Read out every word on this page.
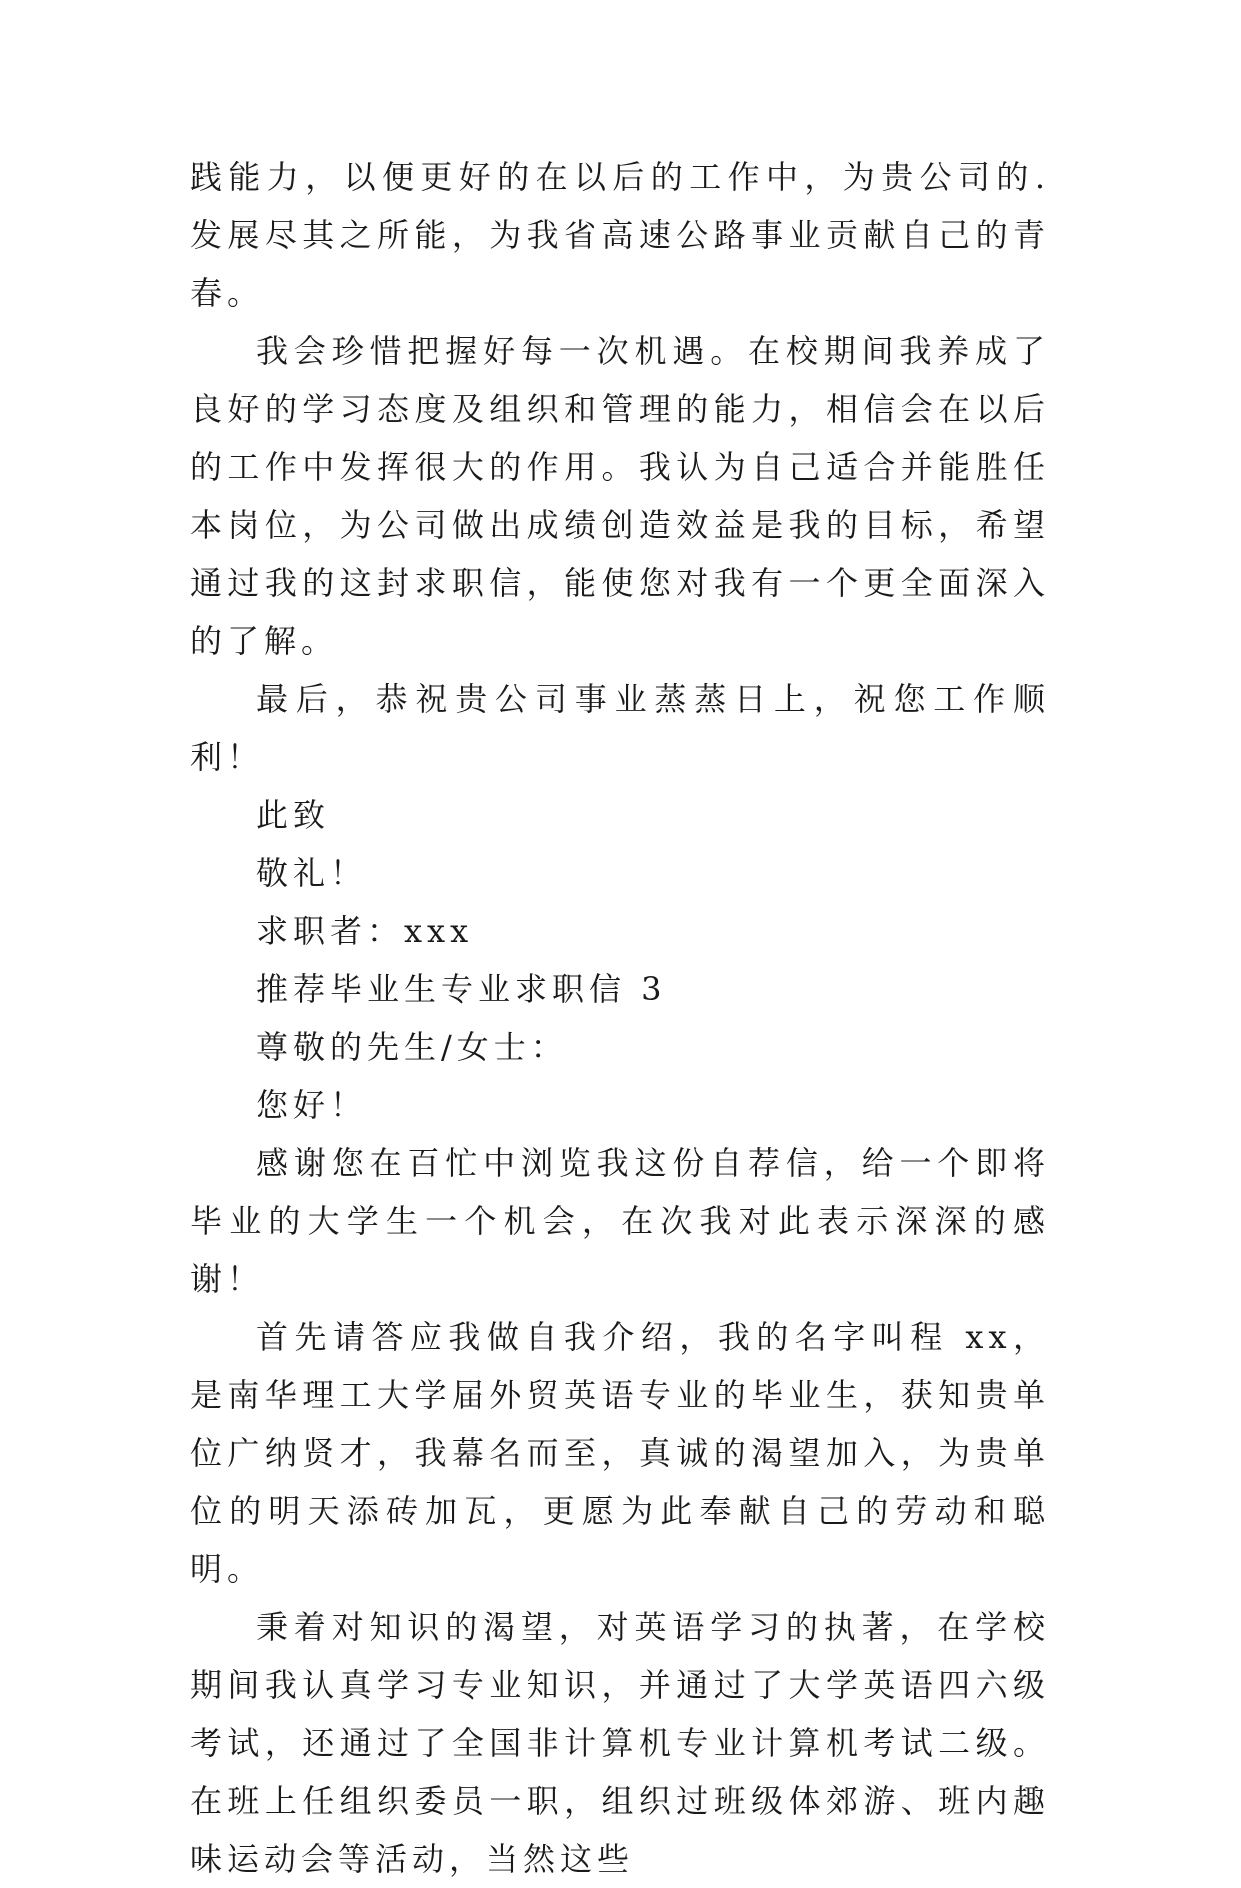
践能力，以便更好的在以后的工作中，为贵公司的.发展尽其之所能，为我省高速公路事业贡献自己的青春。

我会珍惜把握好每一次机遇。在校期间我养成了良好的学习态度及组织和管理的能力，相信会在以后的工作中发挥很大的作用。我认为自己适合并能胜任本岗位，为公司做出成绩创造效益是我的目标，希望通过我的这封求职信，能使您对我有一个更全面深入的了解。

最后，恭祝贵公司事业蒸蒸日上，祝您工作顺利！

此致

敬礼！

求职者：xxx

推荐毕业生专业求职信 3

尊敬的先生/女士：

您好！

感谢您在百忙中浏览我这份自荐信，给一个即将毕业的大学生一个机会，在次我对此表示深深的感谢！

首先请答应我做自我介绍，我的名字叫程 xx，是南华理工大学届外贸英语专业的毕业生，获知贵单位广纳贤才，我幕名而至，真诚的渴望加入，为贵单位的明天添砖加瓦，更愿为此奉献自己的劳动和聪明。

秉着对知识的渴望，对英语学习的执著，在学校期间我认真学习专业知识，并通过了大学英语四六级考试，还通过了全国非计算机专业计算机考试二级。在班上任组织委员一职，组织过班级体郊游、班内趣味运动会等活动，当然这些
